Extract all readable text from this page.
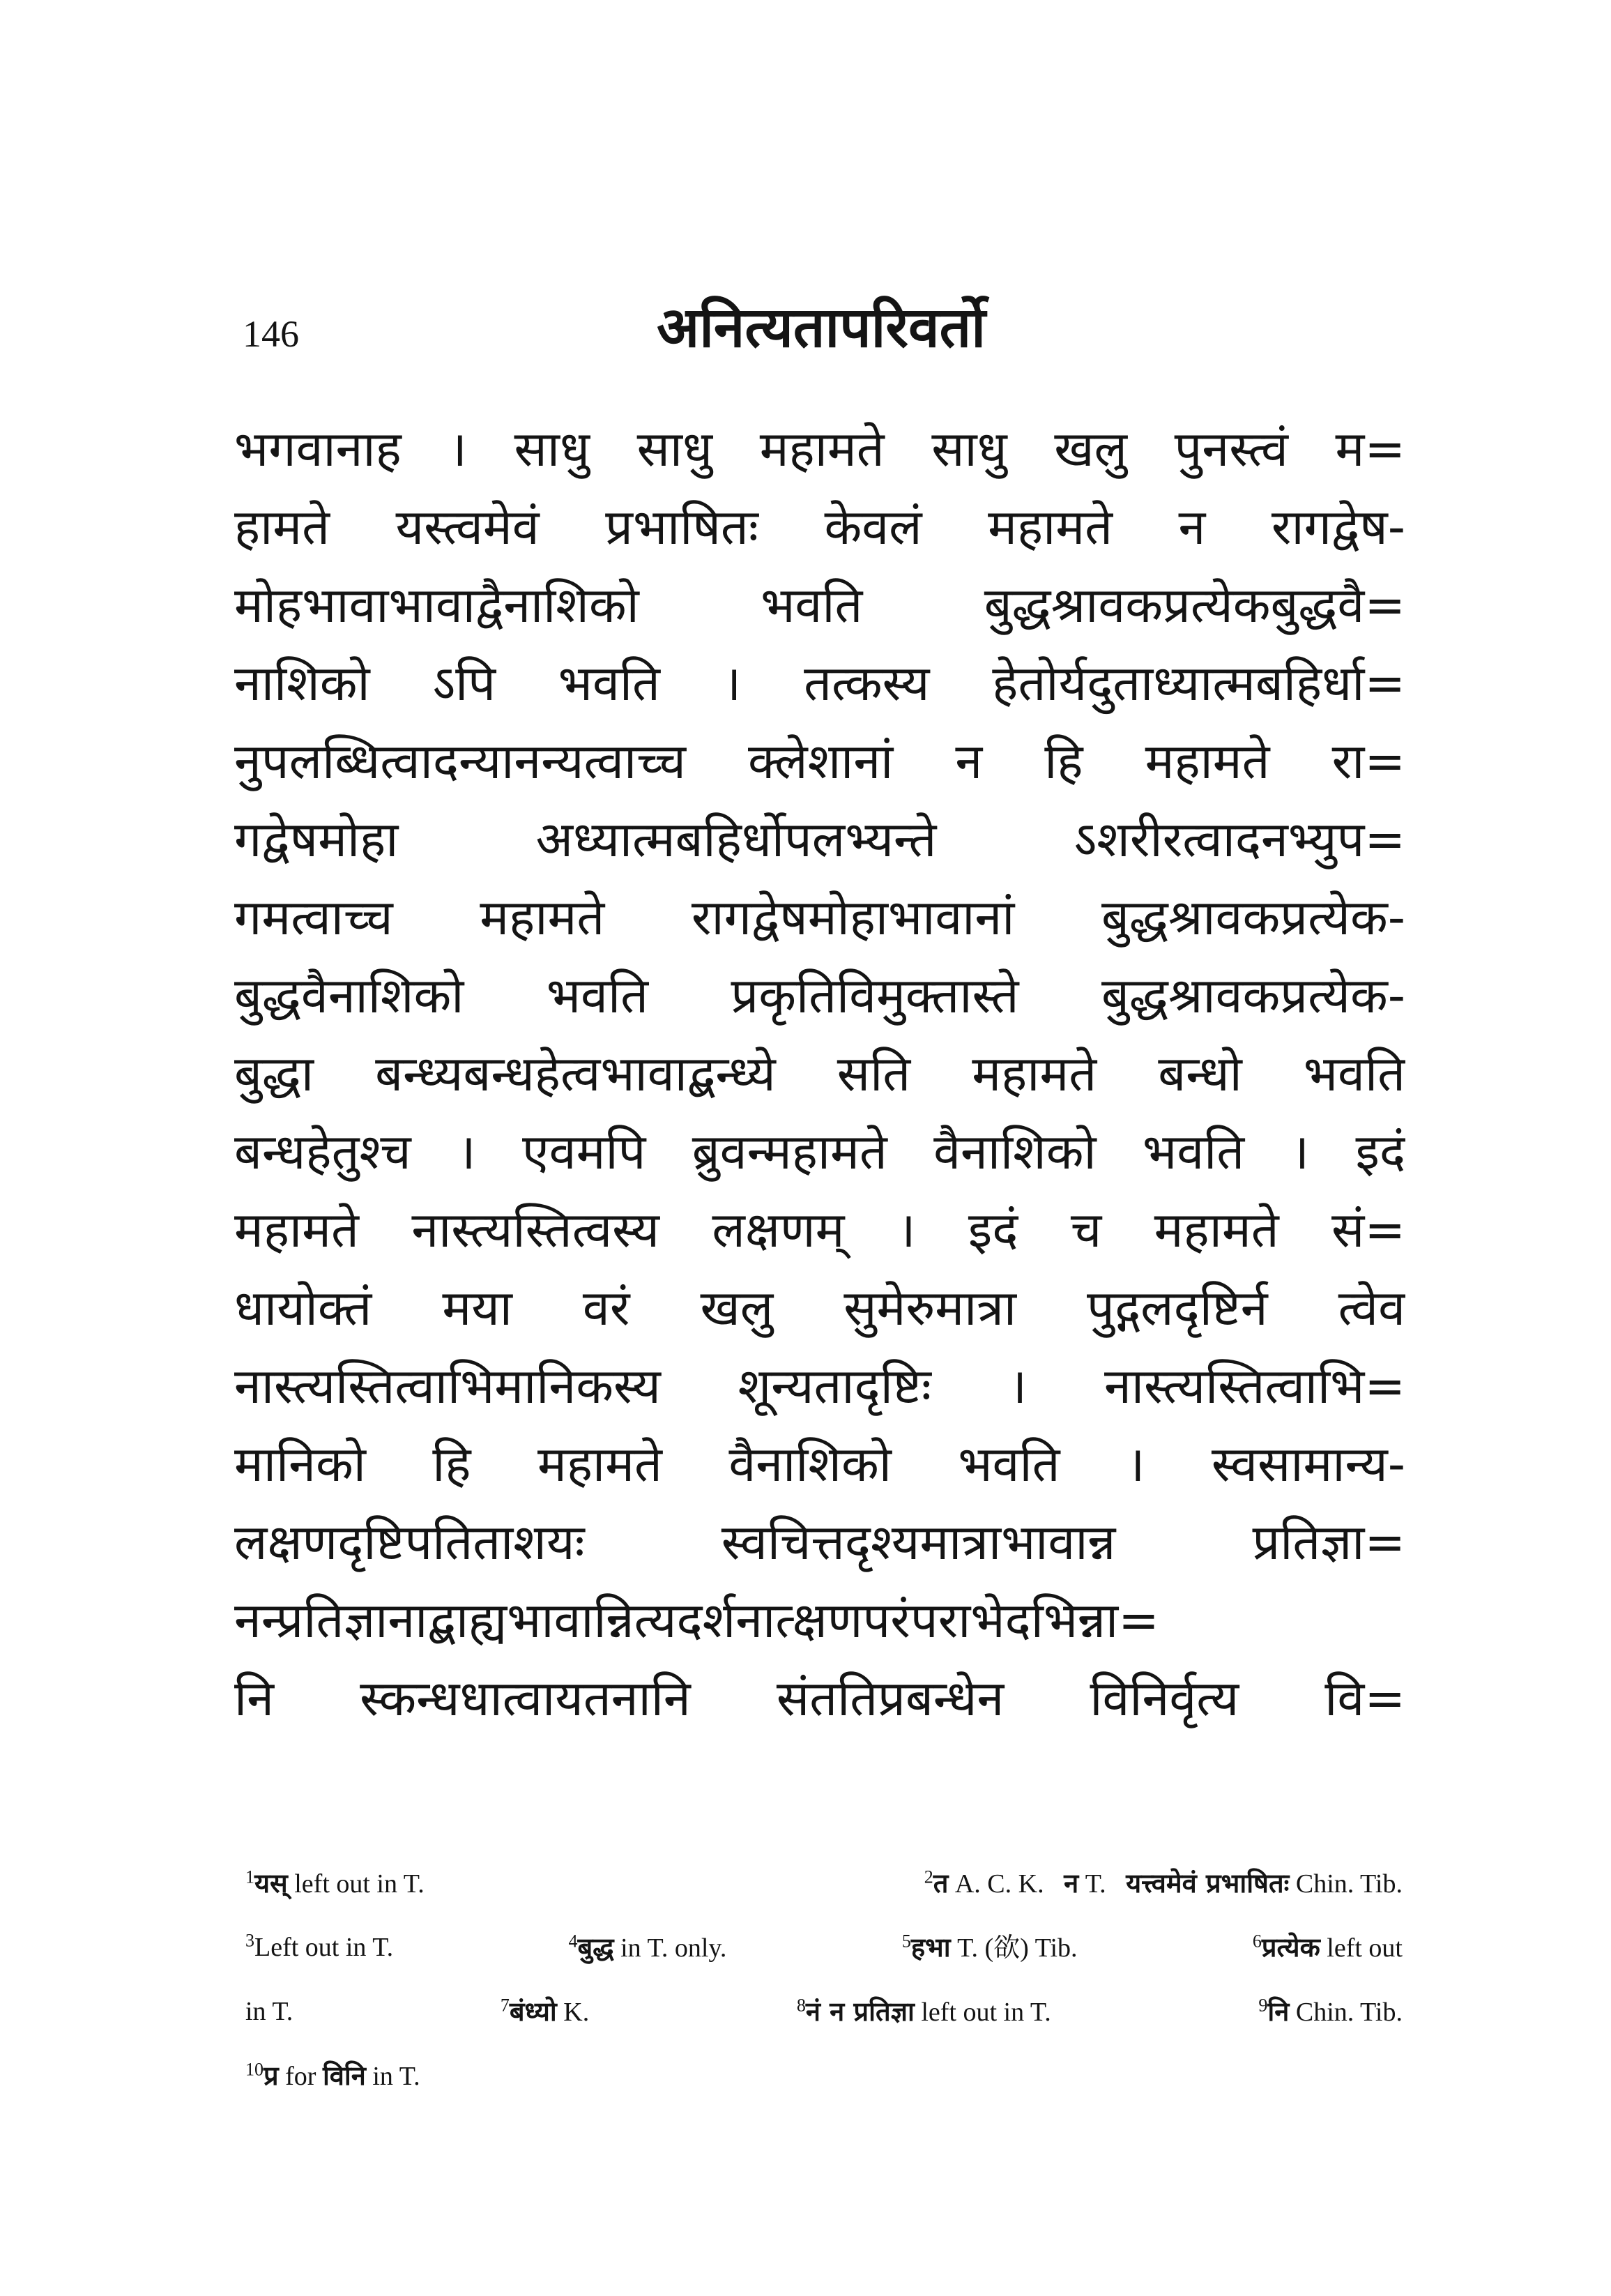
146	अनित्यतापरिवर्तो
भगवानाह । साधु साधु महामते साधु खलु पुनस्त्वं म=
हामते यस्त्वमेवं प्रभाषितः केवलं महामते न रागद्वेष-
मोहभावाभावाद्वैनाशिको भवति बुद्धश्रावकप्रत्येकबुद्धवै=
नाशिको ऽपि भवति । तत्कस्य हेतोर्यदुताध्यात्मबहिर्धा=
नुपलब्धित्वादन्यानन्यत्वाच्च क्लेशानां न हि महामते रा=
गद्वेषमोहा अध्यात्मबहिर्धोपलभ्यन्ते ऽशरीरत्वादनभ्युप=
गमत्वाच्च महामते रागद्वेषमोहाभावानां बुद्धश्रावकप्रत्येक-
बुद्धवैनाशिको भवति प्रकृतिविमुक्तास्ते बुद्धश्रावकप्रत्येक-
बुद्धा बन्ध्यबन्धहेत्वभावाद्बन्ध्ये सति महामते बन्धो भवति
बन्धहेतुश्च । एवमपि ब्रुवन्महामते वैनाशिको भवति । इदं
महामते नास्त्यस्तित्वस्य लक्षणम् । इदं च महामते सं=
धायोक्तं मया वरं खलु सुमेरुमात्रा पुद्गलदृष्टिर्न त्वेव
नास्त्यस्तित्वाभिमानिकस्य शून्यतादृष्टिः । नास्त्यस्तित्वाभि=
मानिको हि महामते वैनाशिको भवति । स्वसामान्य-
लक्षणदृष्टिपतिताशयः स्वचित्तदृश्यमात्राभावान्न प्रतिज्ञा=
नन्प्रतिज्ञानाद्बाह्यभावान्नित्यदर्शनात्क्षणपरंपराभेदभिन्ना=
नि स्कन्धधात्वायतनानि संततिप्रबन्धेन विनिर्वृत्य वि=
$^1$यस् left out in T.	$^2$त A. C. K.   न T.   यत्त्वमेवं प्रभाषितः Chin. Tib.
$^3$Left out in T.	$^4$बुद्ध in T. only.	$^5$हभा T. (欲) Tib.	$^6$प्रत्येक left out
in T.	$^7$बंध्यो K.	$^8$नं न प्रतिज्ञा left out in T.	$^9$नि Chin. Tib.
$^{10}$प्र for विनि in T.
